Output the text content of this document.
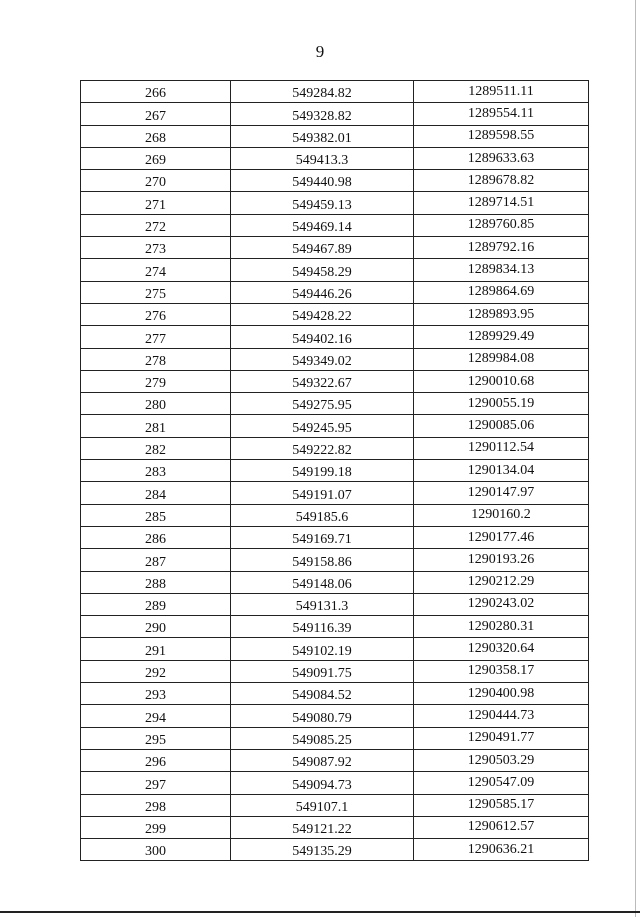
9
266	549284.82	1289511.11
267	549328.82	1289554.11
268	549382.01	1289598.55
269	549413.3	1289633.63
270	549440.98	1289678.82
271	549459.13	1289714.51
272	549469.14	1289760.85
273	549467.89	1289792.16
274	549458.29	1289834.13
275	549446.26	1289864.69
276	549428.22	1289893.95
277	549402.16	1289929.49
278	549349.02	1289984.08
279	549322.67	1290010.68
280	549275.95	1290055.19
281	549245.95	1290085.06
282	549222.82	1290112.54
283	549199.18	1290134.04
284	549191.07	1290147.97
285	549185.6	1290160.2
286	549169.71	1290177.46
287	549158.86	1290193.26
288	549148.06	1290212.29
289	549131.3	1290243.02
290	549116.39	1290280.31
291	549102.19	1290320.64
292	549091.75	1290358.17
293	549084.52	1290400.98
294	549080.79	1290444.73
295	549085.25	1290491.77
296	549087.92	1290503.29
297	549094.73	1290547.09
298	549107.1	1290585.17
299	549121.22	1290612.57
300	549135.29	1290636.21
